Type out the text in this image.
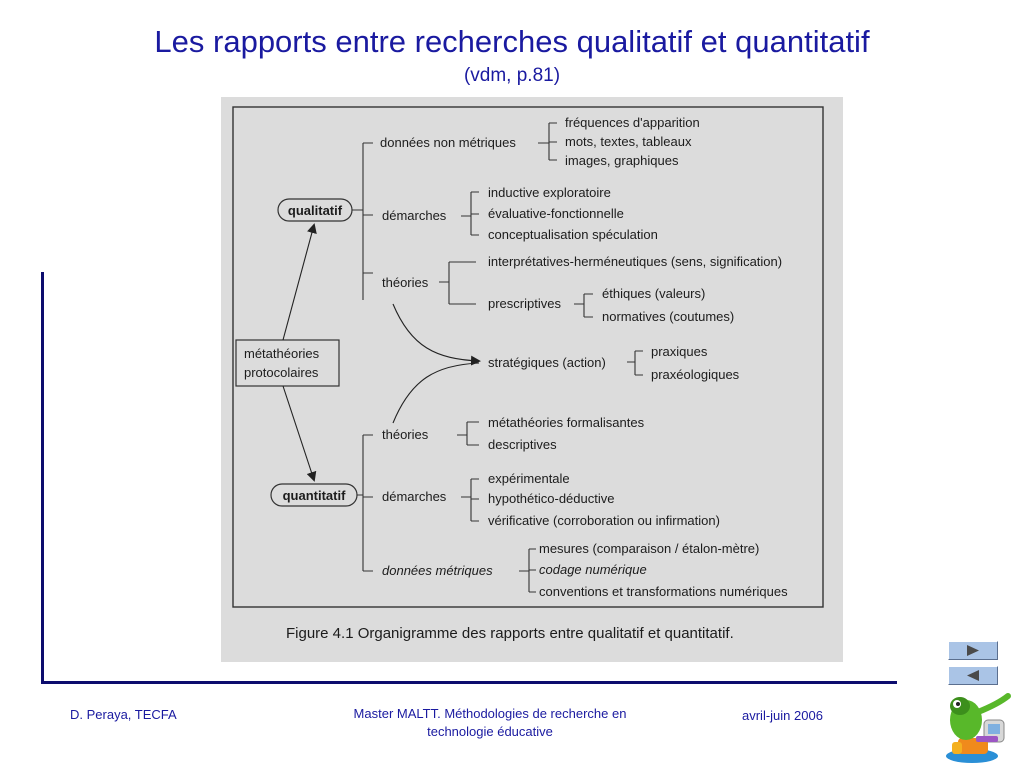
Les rapports entre recherches qualitatif et quantitatif
(vdm, p.81)
Figure 4.1 Organigramme des rapports entre qualitatif et quantitatif.
qualitatif
quantitatif
métathéories
protocolaires
données non métriques
démarches
théories
théories
démarches
données métriques
fréquences d'apparition
mots, textes, tableaux
images, graphiques
inductive exploratoire
évaluative-fonctionnelle
conceptualisation spéculation
interprétatives-herméneutiques (sens, signification)
prescriptives
éthiques (valeurs)
normatives (coutumes)
stratégiques (action)
praxiques
praxéologiques
métathéories formalisantes
descriptives
expérimentale
hypothético-déductive
vérificative (corroboration ou infirmation)
mesures (comparaison / étalon-mètre)
codage numérique
conventions et transformations numériques
D. Peraya, TECFA	Master MALTT. Méthodologies de recherche en technologie éducative
avril-juin 2006
